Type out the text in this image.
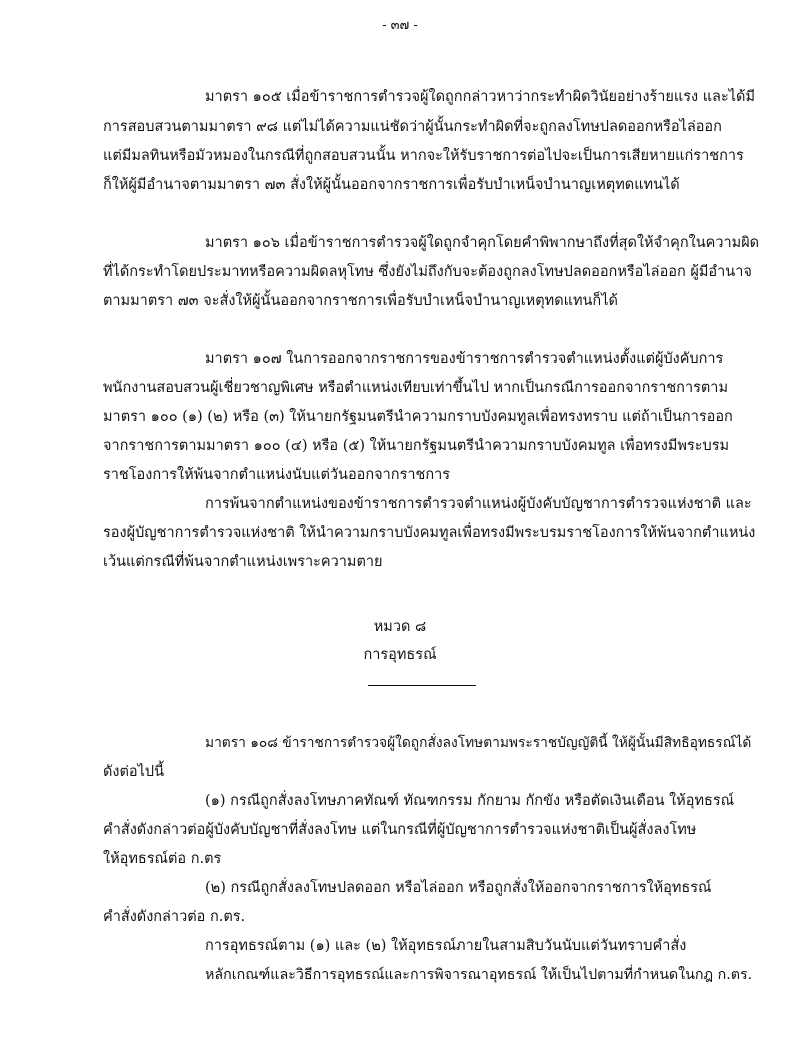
- ๓๗ -
มาตรา ๑๐๕ เมื่อข้าราชการตำรวจผู้ใดถูกกล่าวหาว่ากระทำผิดวินัยอย่างร้ายแรง และได้มี
การสอบสวนตามมาตรา ๙๘ แต่ไม่ได้ความแน่ชัดว่าผู้นั้นกระทำผิดที่จะถูกลงโทษปลดออกหรือไล่ออก
แต่มีมลทินหรือมัวหมองในกรณีที่ถูกสอบสวนนั้น หากจะให้รับราชการต่อไปจะเป็นการเสียหายแก่ราชการ
ก็ให้ผู้มีอำนาจตามมาตรา ๗๓ สั่งให้ผู้นั้นออกจากราชการเพื่อรับบำเหน็จบำนาญเหตุทดแทนได้
มาตรา ๑๐๖ เมื่อข้าราชการตำรวจผู้ใดถูกจำคุกโดยคำพิพากษาถึงที่สุดให้จำคุกในความผิด
ที่ได้กระทำโดยประมาทหรือความผิดลหุโทษ ซึ่งยังไม่ถึงกับจะต้องถูกลงโทษปลดออกหรือไล่ออก ผู้มีอำนาจ
ตามมาตรา ๗๓ จะสั่งให้ผู้นั้นออกจากราชการเพื่อรับบำเหน็จบำนาญเหตุทดแทนก็ได้
มาตรา ๑๐๗ ในการออกจากราชการของข้าราชการตำรวจตำแหน่งตั้งแต่ผู้บังคับการ
พนักงานสอบสวนผู้เชี่ยวชาญพิเศษ หรือตำแหน่งเทียบเท่าขึ้นไป หากเป็นกรณีการออกจากราชการตาม
มาตรา ๑๐๐ (๑) (๒) หรือ (๓) ให้นายกรัฐมนตรีนำความกราบบังคมทูลเพื่อทรงทราบ แต่ถ้าเป็นการออก
จากราชการตามมาตรา ๑๐๐ (๔) หรือ (๕) ให้นายกรัฐมนตรีนำความกราบบังคมทูล เพื่อทรงมีพระบรม
ราชโองการให้พ้นจากตำแหน่งนับแต่วันออกจากราชการ
การพ้นจากตำแหน่งของข้าราชการตำรวจตำแหน่งผู้บังคับบัญชาการตำรวจแห่งชาติ และ
รองผู้บัญชาการตำรวจแห่งชาติ ให้นำความกราบบังคมทูลเพื่อทรงมีพระบรมราชโองการให้พ้นจากตำแหน่ง
เว้นแต่กรณีที่พ้นจากตำแหน่งเพราะความตาย
หมวด ๘
การอุทธรณ์
มาตรา ๑๐๘ ข้าราชการตำรวจผู้ใดถูกสั่งลงโทษตามพระราชบัญญัตินี้ ให้ผู้นั้นมีสิทธิอุทธรณ์ได้
ดังต่อไปนี้
(๑) กรณีถูกสั่งลงโทษภาคทัณฑ์ ทัณฑกรรม กักยาม กักขัง หรือตัดเงินเดือน ให้อุทธรณ์
คำสั่งดังกล่าวต่อผู้บังคับบัญชาที่สั่งลงโทษ แต่ในกรณีที่ผู้บัญชาการตำรวจแห่งชาติเป็นผู้สั่งลงโทษ
ให้อุทธรณ์ต่อ ก.ตร
(๒) กรณีถูกสั่งลงโทษปลดออก หรือไล่ออก หรือถูกสั่งให้ออกจากราชการให้อุทธรณ์
คำสั่งดังกล่าวต่อ ก.ตร.
การอุทธรณ์ตาม (๑) และ (๒) ให้อุทธรณ์ภายในสามสิบวันนับแต่วันทราบคำสั่ง
หลักเกณฑ์และวิธีการอุทธรณ์และการพิจารณาอุทธรณ์ ให้เป็นไปตามที่กำหนดในกฎ ก.ตร.
